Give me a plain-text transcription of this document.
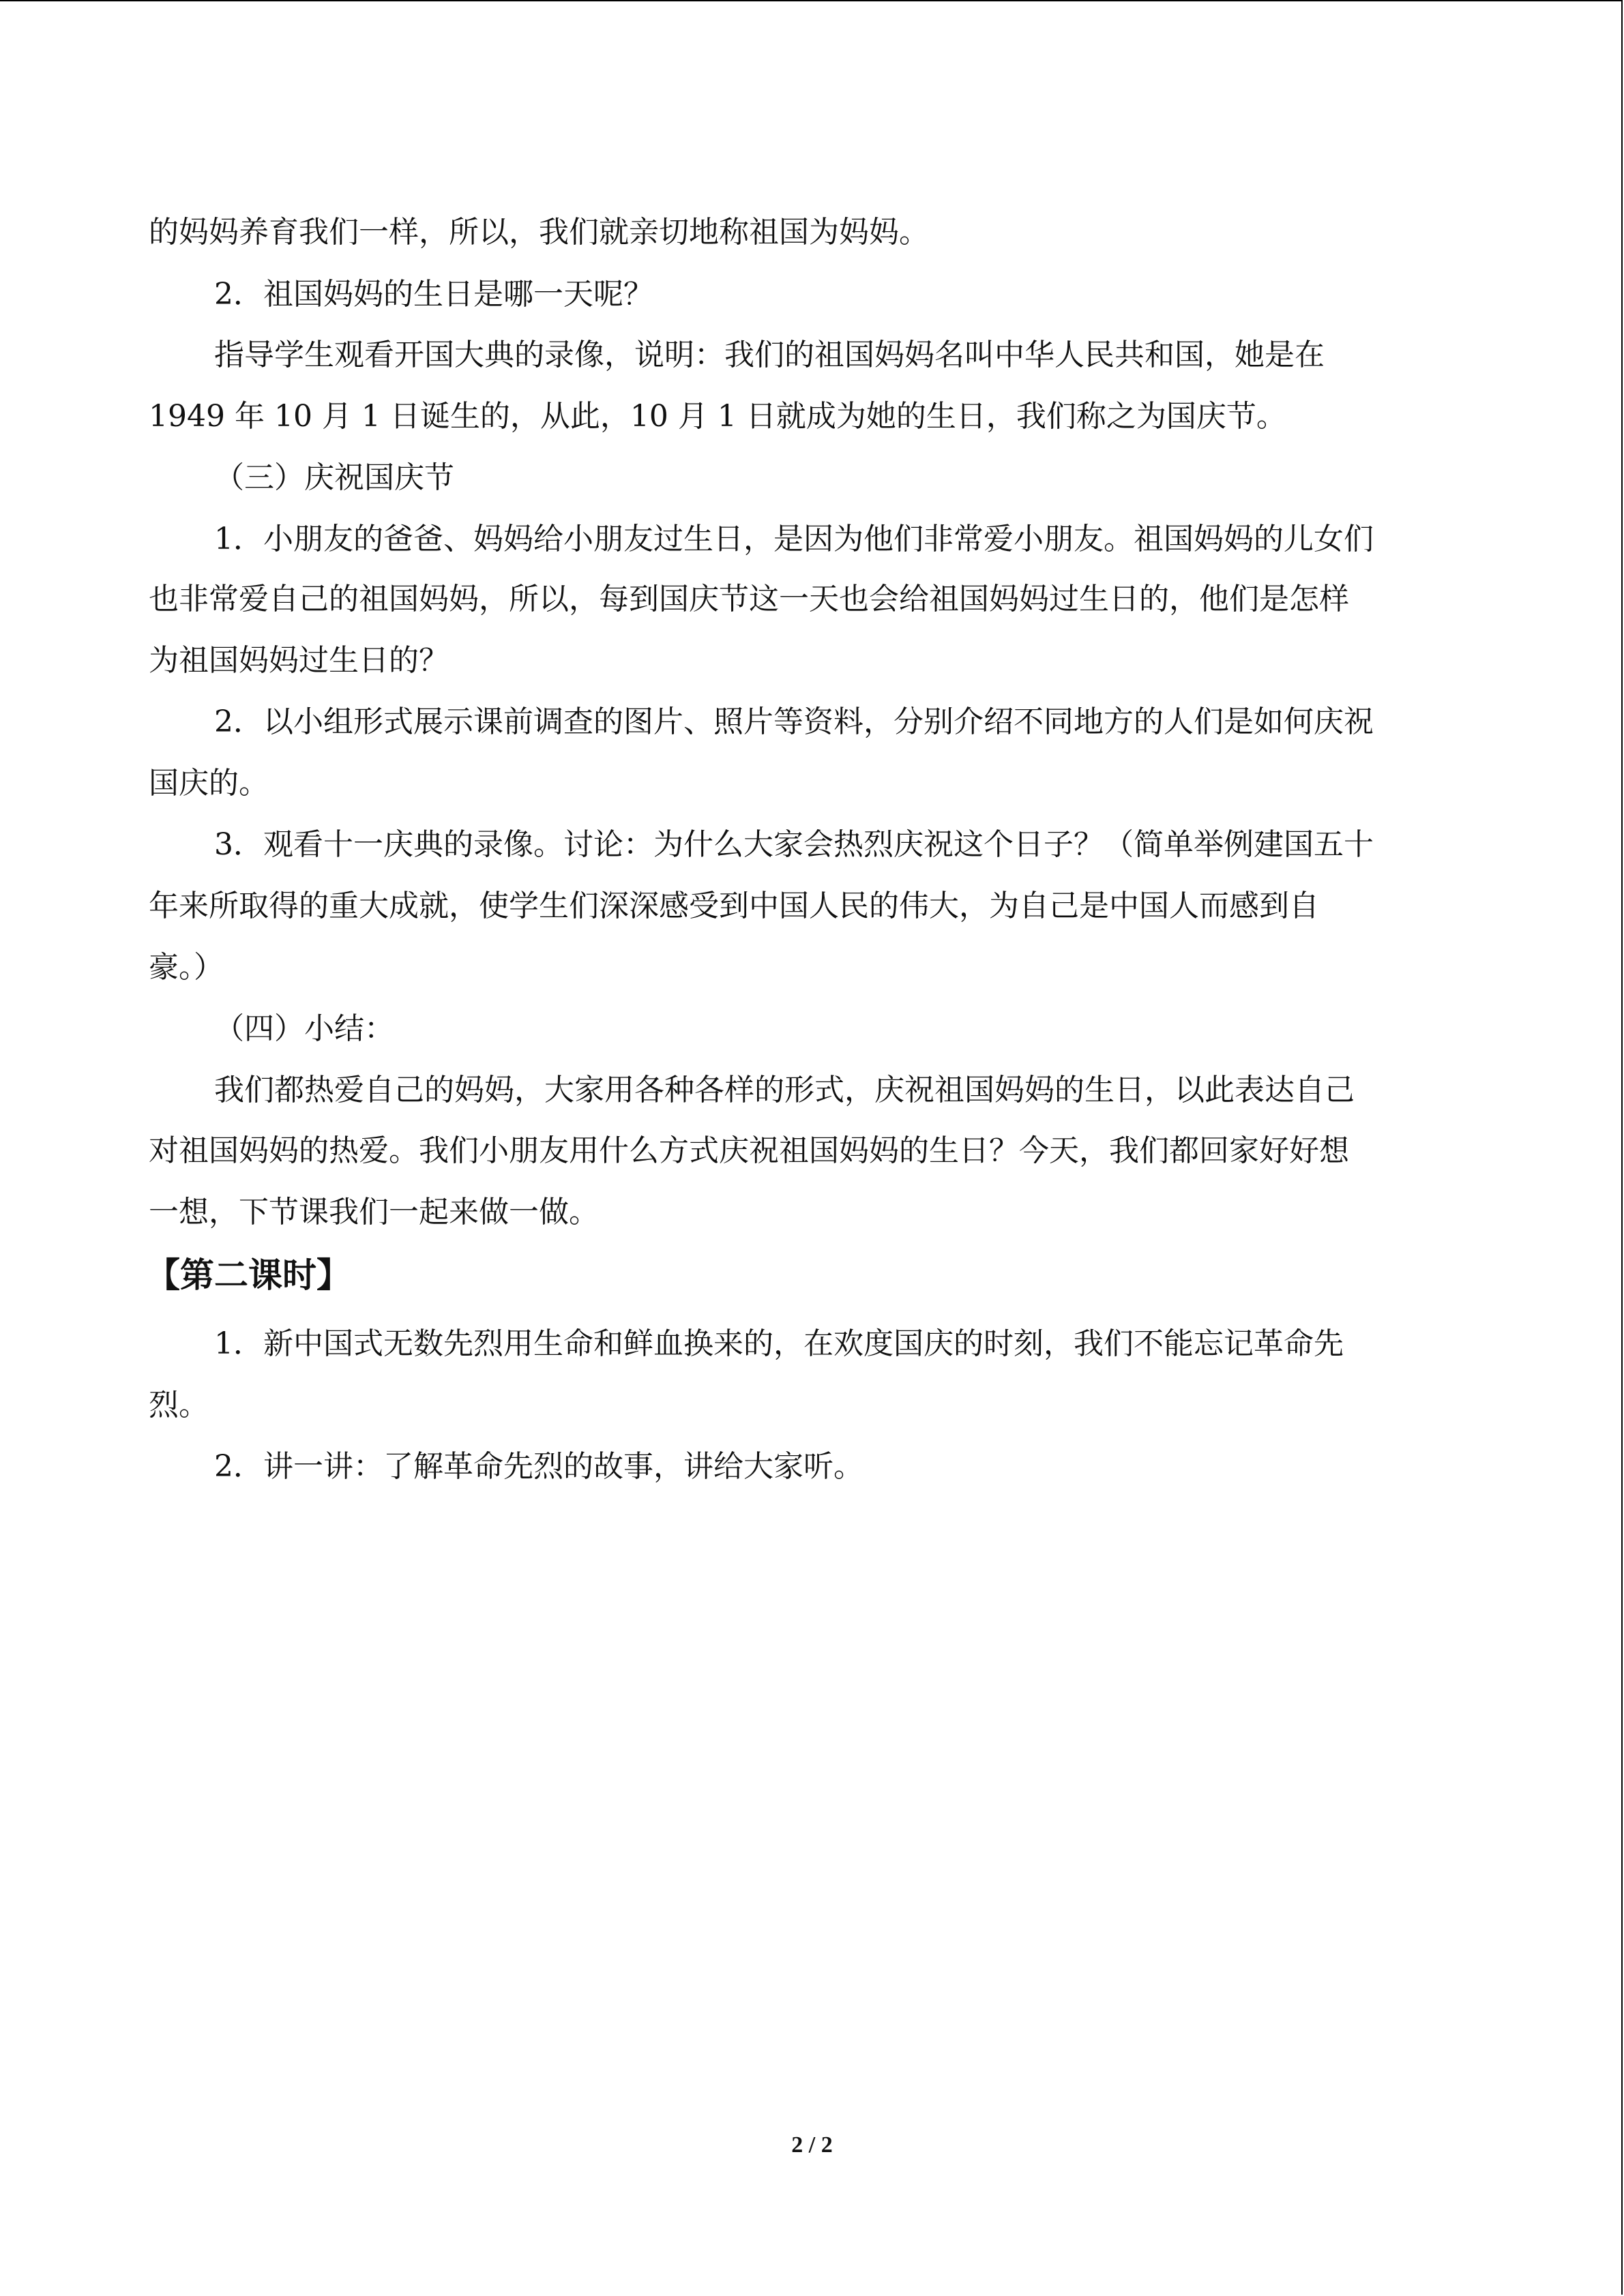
的妈妈养育我们一样，所以，我们就亲切地称祖国为妈妈。
2．祖国妈妈的生日是哪一天呢？
指导学生观看开国大典的录像，说明：我们的祖国妈妈名叫中华人民共和国，她是在
1949 年 10 月 1 日诞生的，从此，10 月 1 日就成为她的生日，我们称之为国庆节。
（三）庆祝国庆节
1．小朋友的爸爸、妈妈给小朋友过生日，是因为他们非常爱小朋友。祖国妈妈的儿女们
也非常爱自己的祖国妈妈，所以，每到国庆节这一天也会给祖国妈妈过生日的，他们是怎样
为祖国妈妈过生日的？
2．以小组形式展示课前调查的图片、照片等资料，分别介绍不同地方的人们是如何庆祝
国庆的。
3．观看十一庆典的录像。讨论：为什么大家会热烈庆祝这个日子？（简单举例建国五十
年来所取得的重大成就，使学生们深深感受到中国人民的伟大，为自己是中国人而感到自
豪。）
（四）小结：
我们都热爱自己的妈妈，大家用各种各样的形式，庆祝祖国妈妈的生日，以此表达自己
对祖国妈妈的热爱。我们小朋友用什么方式庆祝祖国妈妈的生日？今天，我们都回家好好想
一想，下节课我们一起来做一做。
【第二课时】
1．新中国式无数先烈用生命和鲜血换来的，在欢度国庆的时刻，我们不能忘记革命先
烈。
2．讲一讲：了解革命先烈的故事，讲给大家听。
2 / 2
